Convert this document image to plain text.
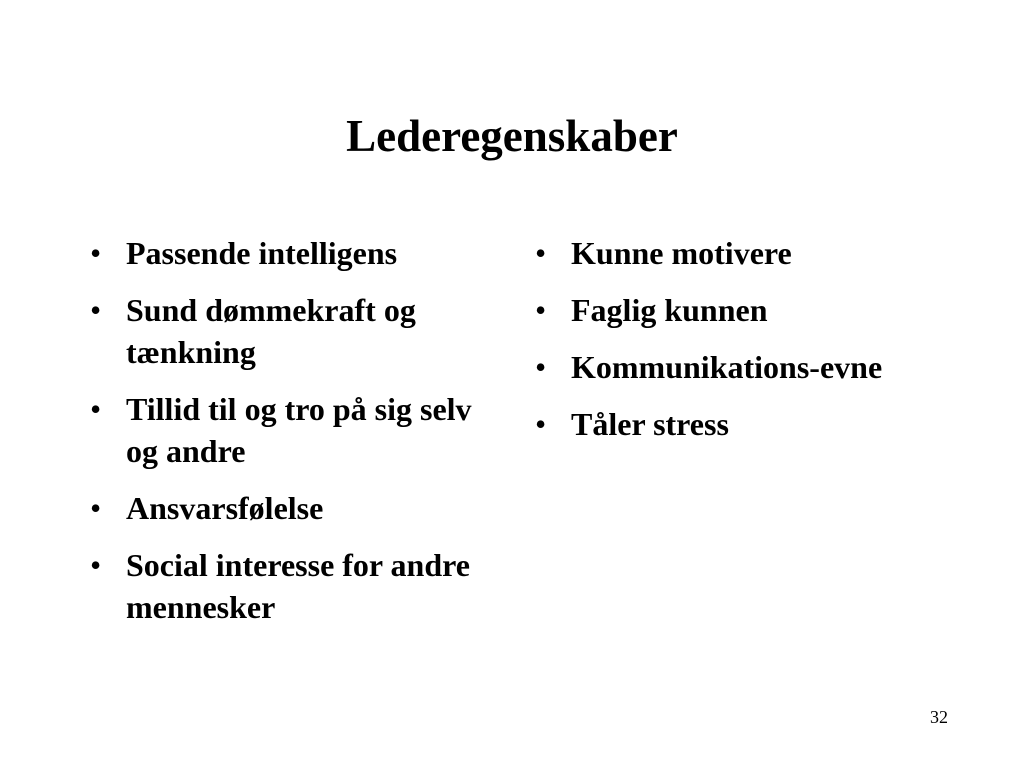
Lederegenskaber
• Passende intelligens
• Sund dømmekraft og tænkning
• Tillid til og tro på sig selv og andre
• Ansvarsfølelse
• Social interesse for andre mennesker
• Kunne motivere
• Faglig kunnen
• Kommunikations-evne
• Tåler stress
32
